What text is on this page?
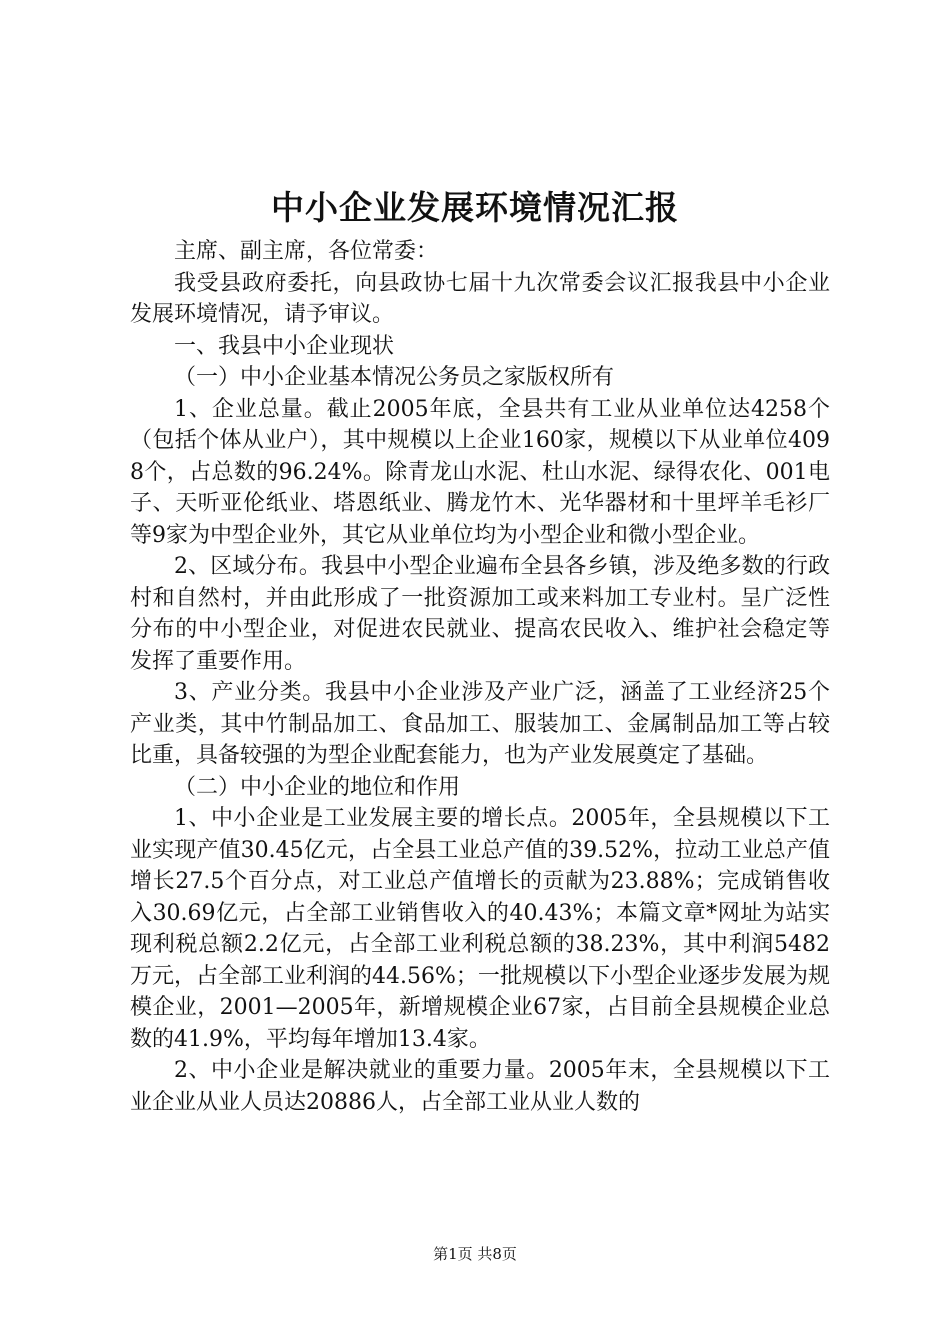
中小企业发展环境情况汇报

主席、副主席，各位常委：

我受县政府委托，向县政协七届十九次常委会议汇报我县中小企业发展环境情况，请予审议。

一、我县中小企业现状

（一）中小企业基本情况公务员之家版权所有

1、企业总量。截止2005年底，全县共有工业从业单位达4258个（包括个体从业户），其中规模以上企业160家，规模以下从业单位4098个，占总数的96.24%。除青龙山水泥、杜山水泥、绿得农化、001电子、天听亚伦纸业、塔恩纸业、腾龙竹木、光华器材和十里坪羊毛衫厂等9家为中型企业外，其它从业单位均为小型企业和微小型企业。

2、区域分布。我县中小型企业遍布全县各乡镇，涉及绝多数的行政村和自然村，并由此形成了一批资源加工或来料加工专业村。呈广泛性分布的中小型企业，对促进农民就业、提高农民收入、维护社会稳定等发挥了重要作用。

3、产业分类。我县中小企业涉及产业广泛，涵盖了工业经济25个产业类，其中竹制品加工、食品加工、服装加工、金属制品加工等占较比重，具备较强的为型企业配套能力，也为产业发展奠定了基础。

（二）中小企业的地位和作用

1、中小企业是工业发展主要的增长点。2005年，全县规模以下工业实现产值30.45亿元，占全县工业总产值的39.52%，拉动工业总产值增长27.5个百分点，对工业总产值增长的贡献为23.88%；完成销售收入30.69亿元，占全部工业销售收入的40.43%；本篇文章*网址为站实现利税总额2.2亿元，占全部工业利税总额的38.23%，其中利润5482万元，占全部工业利润的44.56%；一批规模以下小型企业逐步发展为规模企业，2001—2005年，新增规模企业67家，占目前全县规模企业总数的41.9%，平均每年增加13.4家。

2、中小企业是解决就业的重要力量。2005年末，全县规模以下工业企业从业人员达20886人，占全部工业从业人数的

第1页 共8页
